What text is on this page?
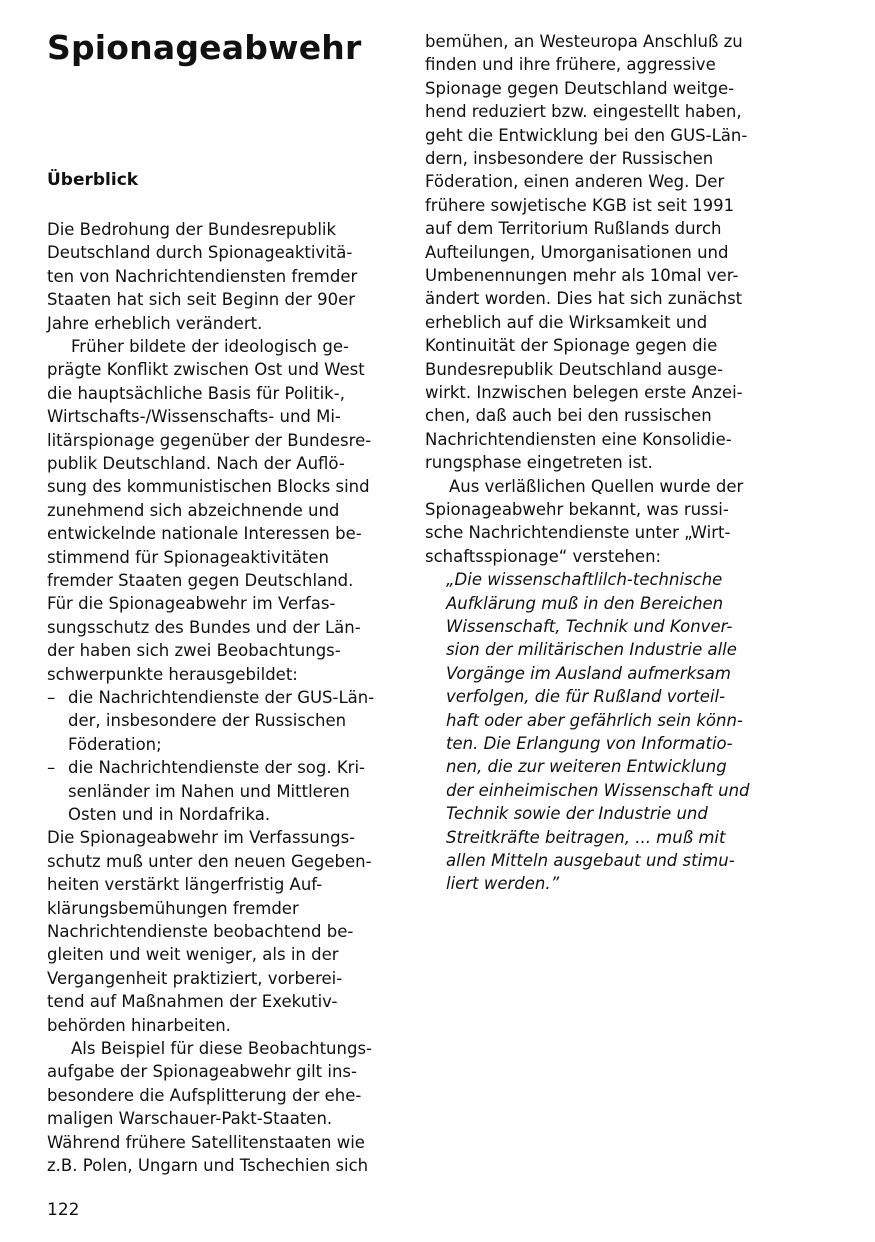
Spionageabwehr
Überblick
Die Bedrohung der Bundesrepublik
Deutschland durch Spionageaktivitä-
ten von Nachrichtendiensten fremder
Staaten hat sich seit Beginn der 90er
Jahre erheblich verändert.
Früher bildete der ideologisch ge-
prägte Konflikt zwischen Ost und West
die hauptsächliche Basis für Politik-,
Wirtschafts-/Wissenschafts- und Mi-
litärspionage gegenüber der Bundesre-
publik Deutschland. Nach der Auflö-
sung des kommunistischen Blocks sind
zunehmend sich abzeichnende und
entwickelnde nationale Interessen be-
stimmend für Spionageaktivitäten
fremder Staaten gegen Deutschland.
Für die Spionageabwehr im Verfas-
sungsschutz des Bundes und der Län-
der haben sich zwei Beobachtungs-
schwerpunkte herausgebildet:
die Nachrichtendienste der GUS-Län-
–
der, insbesondere der Russischen
Föderation;
die Nachrichtendienste der sog. Kri-
–
senländer im Nahen und Mittleren
Osten und in Nordafrika.
Die Spionageabwehr im Verfassungs-
schutz muß unter den neuen Gegeben-
heiten verstärkt längerfristig Auf-
klärungsbemühungen fremder
Nachrichtendienste beobachtend be-
gleiten und weit weniger, als in der
Vergangenheit praktiziert, vorberei-
tend auf Maßnahmen der Exekutiv-
behörden hinarbeiten.
Als Beispiel für diese Beobachtungs-
aufgabe der Spionageabwehr gilt ins-
besondere die Aufsplitterung der ehe-
maligen Warschauer-Pakt-Staaten.
Während frühere Satellitenstaaten wie
z.B. Polen, Ungarn und Tschechien sich
bemühen, an Westeuropa Anschluß zu
finden und ihre frühere, aggressive
Spionage gegen Deutschland weitge-
hend reduziert bzw. eingestellt haben,
geht die Entwicklung bei den GUS-Län-
dern, insbesondere der Russischen
Föderation, einen anderen Weg. Der
frühere sowjetische KGB ist seit 1991
auf dem Territorium Rußlands durch
Aufteilungen, Umorganisationen und
Umbenennungen mehr als 10mal ver-
ändert worden. Dies hat sich zunächst
erheblich auf die Wirksamkeit und
Kontinuität der Spionage gegen die
Bundesrepublik Deutschland ausge-
wirkt. Inzwischen belegen erste Anzei-
chen, daß auch bei den russischen
Nachrichtendiensten eine Konsolidie-
rungsphase eingetreten ist.
Aus verläßlichen Quellen wurde der
Spionageabwehr bekannt, was russi-
sche Nachrichtendienste unter „Wirt-
schaftsspionage“ verstehen:
„Die wissenschaftlilch-technische
Aufklärung muß in den Bereichen
Wissenschaft, Technik und Konver-
sion der militärischen Industrie alle
Vorgänge im Ausland aufmerksam
verfolgen, die für Rußland vorteil-
haft oder aber gefährlich sein könn-
ten. Die Erlangung von Informatio-
nen, die zur weiteren Entwicklung
der einheimischen Wissenschaft und
Technik sowie der Industrie und
Streitkräfte beitragen, ... muß mit
allen Mitteln ausgebaut und stimu-
liert werden.”
122
